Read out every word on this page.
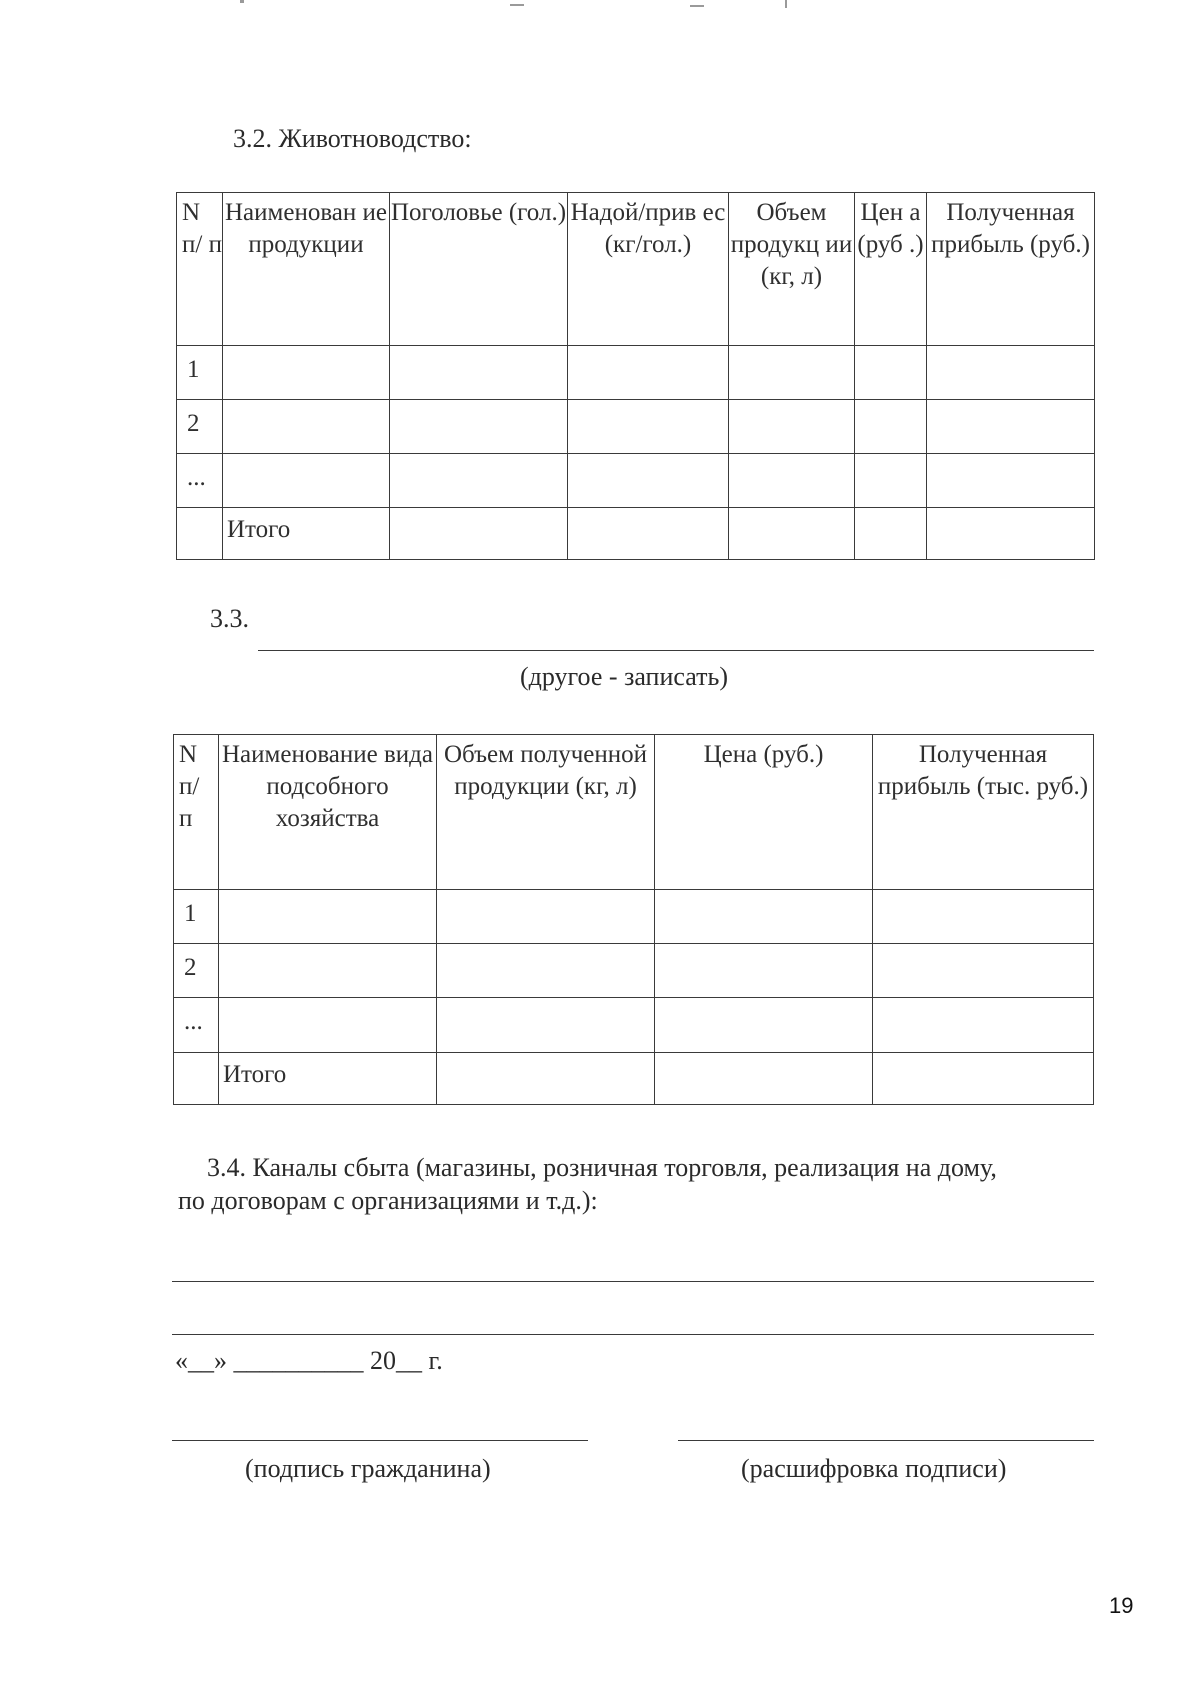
3.2. Животноводство:
N п/ п	Наименован ие продукции	Поголовье (гол.)	Надой/прив ес (кг/гол.)	Объем продукц ии (кг, л)	Цен а (руб .)	Полученная прибыль (руб.)
1						
2						
...						
	Итого					
3.3.
(другое - записать)
N п/ п	Наименование вида подсобного хозяйства	Объем полученной продукции (кг, л)	Цена (руб.)	Полученная прибыль (тыс. руб.)
1				
2				
...				
	Итого			
3.4. Каналы сбыта (магазины, розничная торговля, реализация на дому,
по договорам с организациями и т.д.):
«__» __________ 20__ г.
(подпись гражданина)	(расшифровка подписи)
19
